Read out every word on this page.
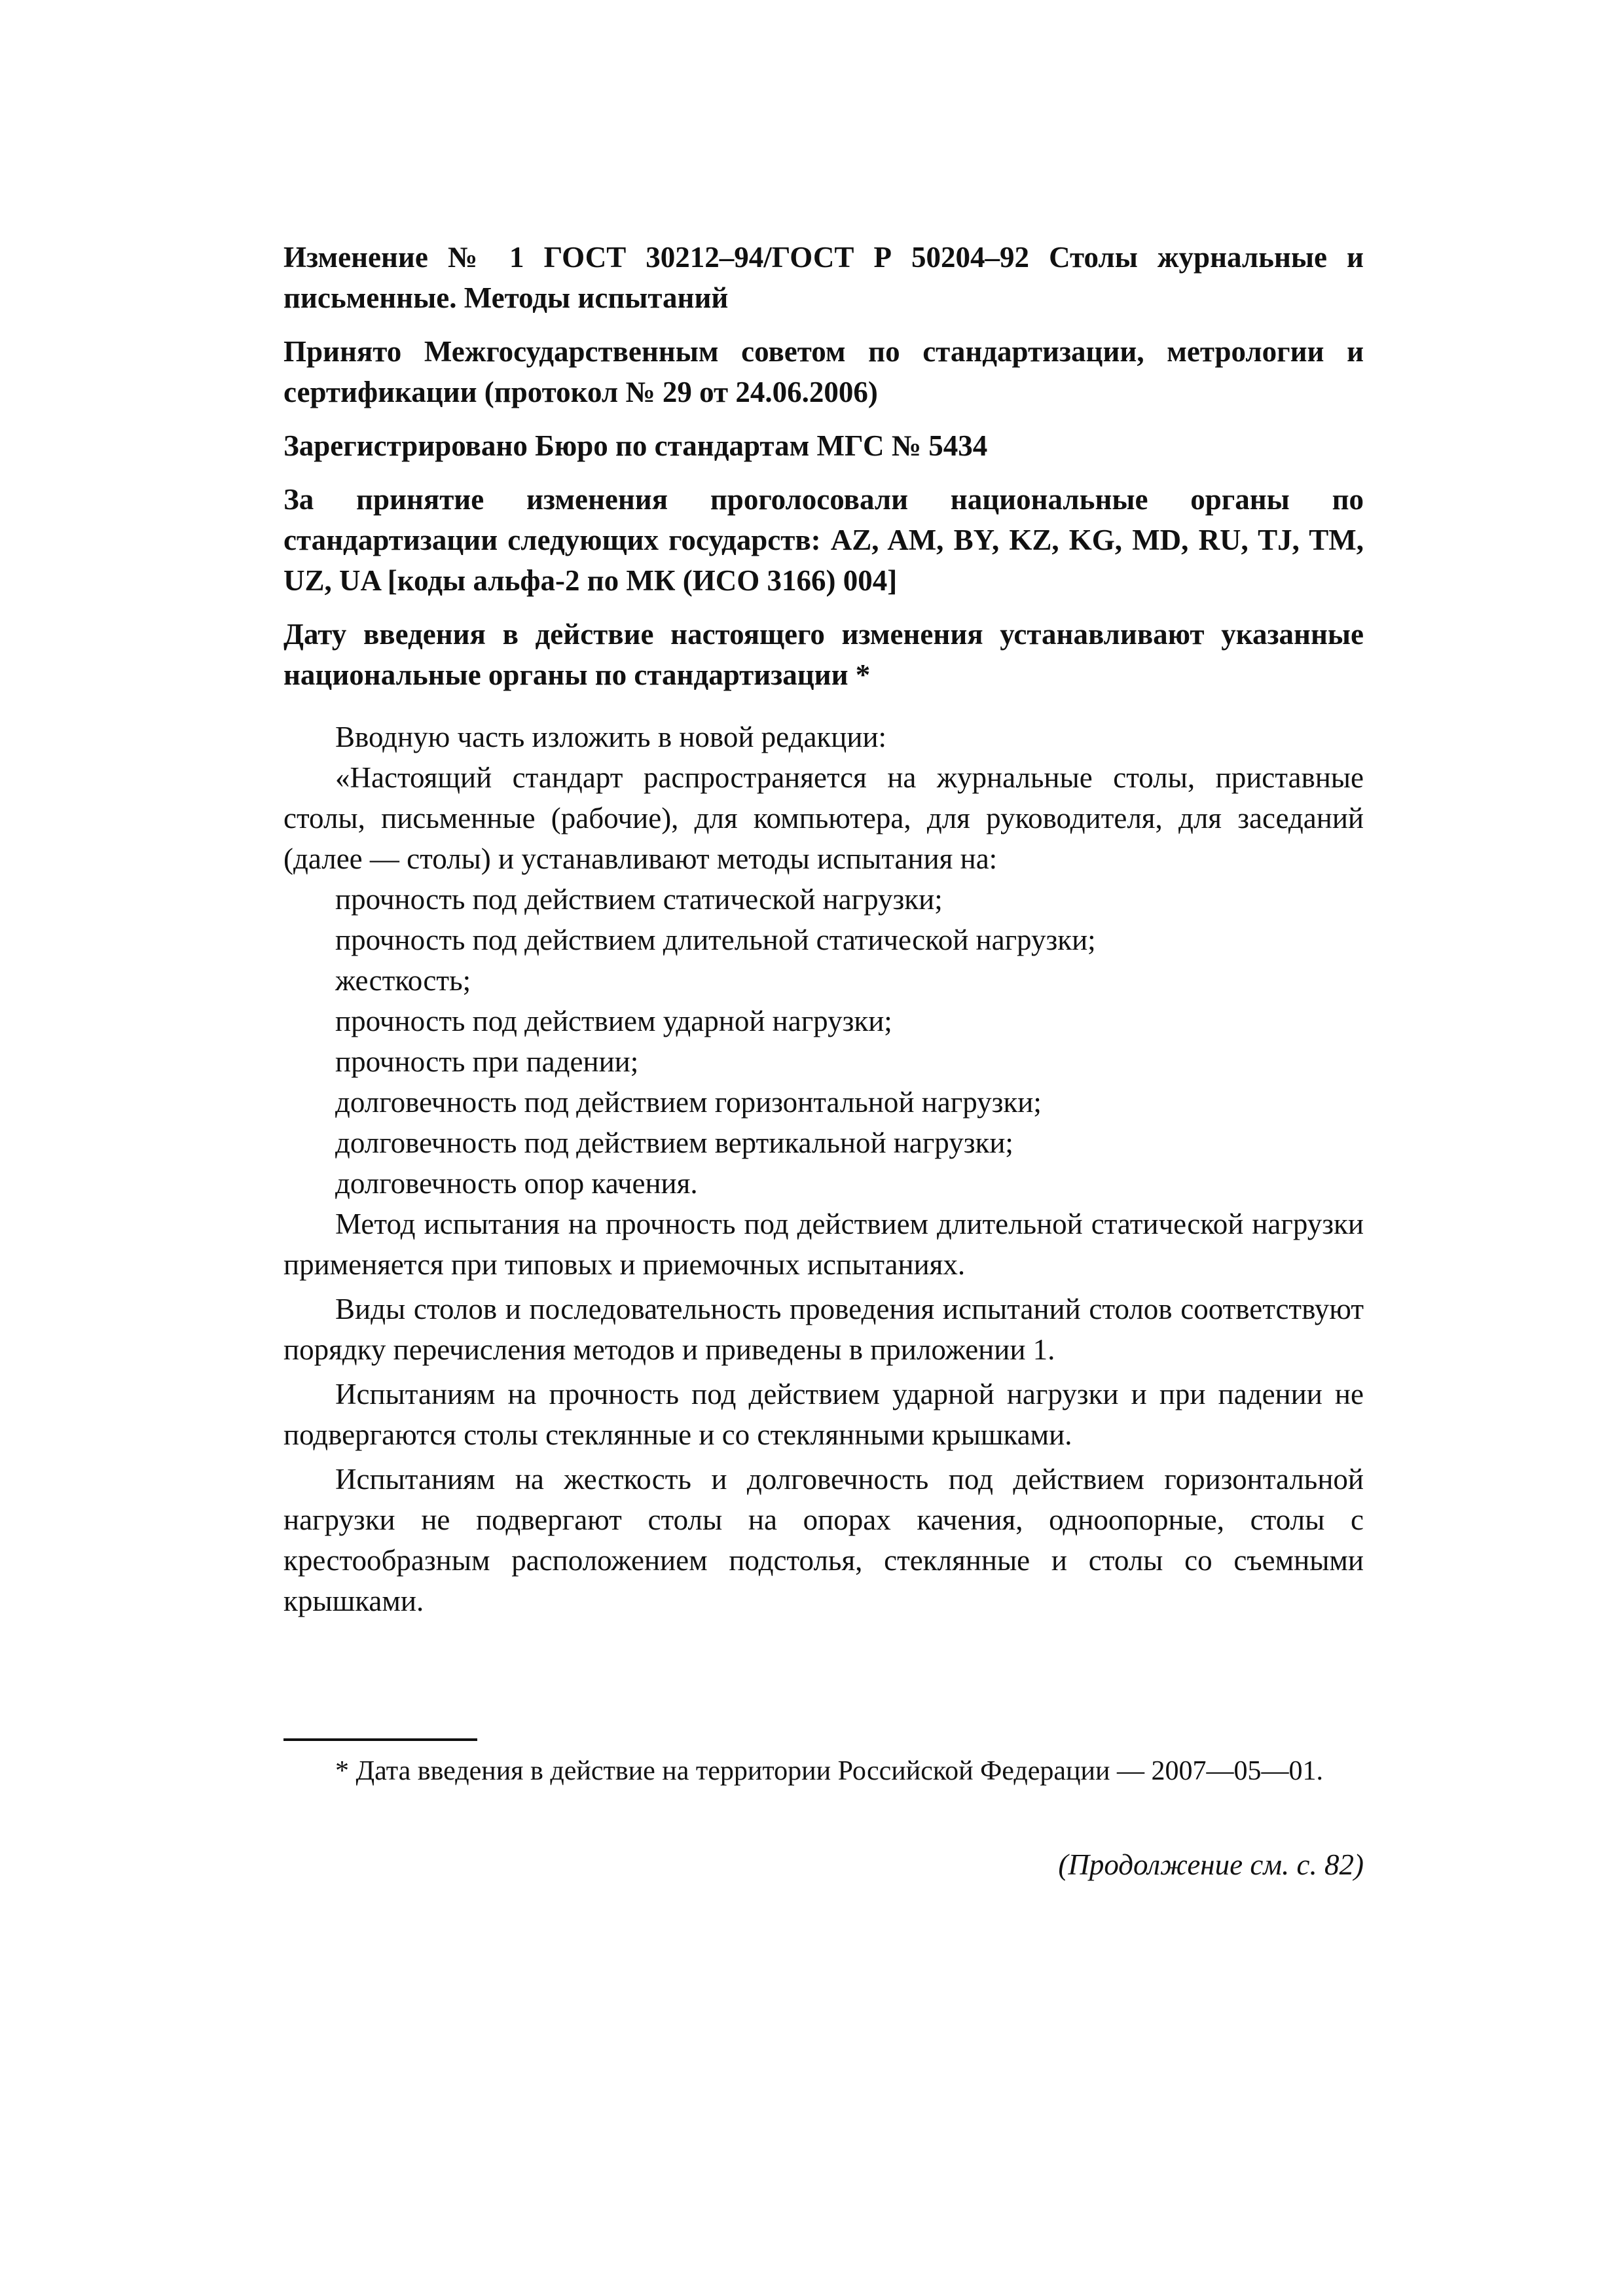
Изменение № 1 ГОСТ 30212–94/ГОСТ Р 50204–92 Столы журнальные и письменные. Методы испытаний

Принято Межгосударственным советом по стандартизации, метрологии и сертификации (протокол № 29 от 24.06.2006)

Зарегистрировано Бюро по стандартам МГС № 5434

За принятие изменения проголосовали национальные органы по стандартизации следующих государств: AZ, AM, BY, KZ, KG, MD, RU, TJ, TM, UZ, UA [коды альфа-2 по МК (ИСО 3166) 004]

Дату введения в действие настоящего изменения устанавливают указанные национальные органы по стандартизации *

Вводную часть изложить в новой редакции:

«Настоящий стандарт распространяется на журнальные столы, приставные столы, письменные (рабочие), для компьютера, для руководителя, для заседаний (далее — столы) и устанавливают методы испытания на:

прочность под действием статической нагрузки;

прочность под действием длительной статической нагрузки;

жесткость;

прочность под действием ударной нагрузки;

прочность при падении;

долговечность под действием горизонтальной нагрузки;

долговечность под действием вертикальной нагрузки;

долговечность опор качения.

Метод испытания на прочность под действием длительной статической нагрузки применяется при типовых и приемочных испытаниях.

Виды столов и последовательность проведения испытаний столов соответствуют порядку перечисления методов и приведены в приложении 1.

Испытаниям на прочность под действием ударной нагрузки и при падении не подвергаются столы стеклянные и со стеклянными крышками.

Испытаниям на жесткость и долговечность под действием горизонтальной нагрузки не подвергают столы на опорах качения, одноопорные, столы с крестообразным расположением подстолья, стеклянные и столы со съемными крышками.

* Дата введения в действие на территории Российской Федерации — 2007—05—01.

(Продолжение см. с. 82)
